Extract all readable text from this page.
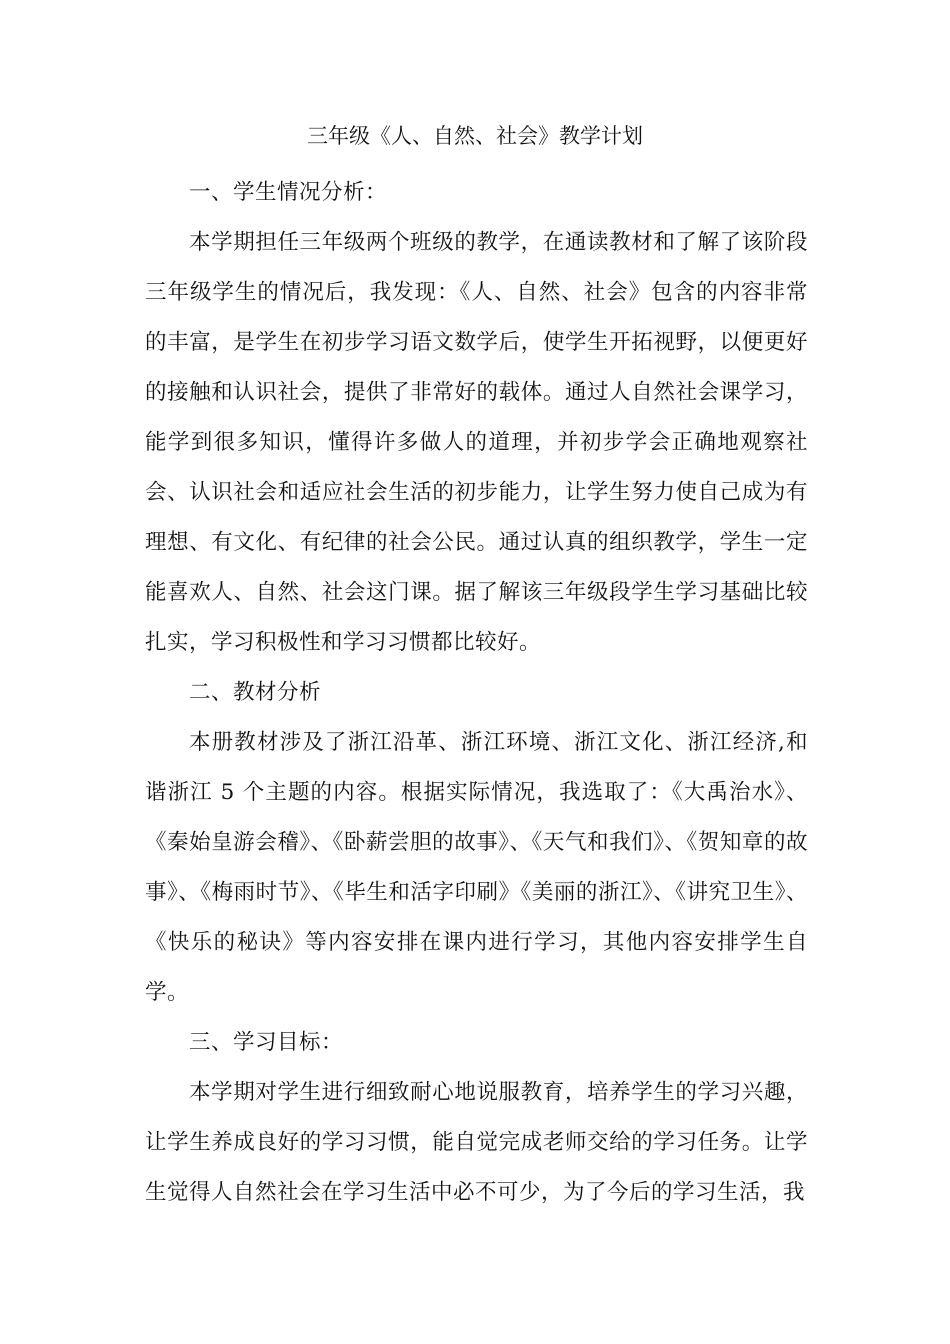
三年级《人、自然、社会》教学计划

一、学生情况分析：

本学期担任三年级两个班级的教学，在通读教材和了解了该阶段三年级学生的情况后，我发现：《人、自然、社会》包含的内容非常的丰富，是学生在初步学习语文数学后，使学生开拓视野，以便更好的接触和认识社会，提供了非常好的载体。通过人自然社会课学习，能学到很多知识，懂得许多做人的道理，并初步学会正确地观察社会、认识社会和适应社会生活的初步能力，让学生努力使自己成为有理想、有文化、有纪律的社会公民。通过认真的组织教学，学生一定能喜欢人、自然、社会这门课。据了解该三年级段学生学习基础比较扎实，学习积极性和学习习惯都比较好。

二、教材分析

本册教材涉及了浙江沿革、浙江环境、浙江文化、浙江经济,和谐浙江 5 个主题的内容。根据实际情况，我选取了：《大禹治水》、《秦始皇游会稽》、《卧薪尝胆的故事》、《天气和我们》、《贺知章的故事》、《梅雨时节》、《毕生和活字印刷》《美丽的浙江》、《讲究卫生》、《快乐的秘诀》等内容安排在课内进行学习，其他内容安排学生自学。

三、学习目标：

本学期对学生进行细致耐心地说服教育，培养学生的学习兴趣，让学生养成良好的学习习惯，能自觉完成老师交给的学习任务。让学生觉得人自然社会在学习生活中必不可少，为了今后的学习生活，我
